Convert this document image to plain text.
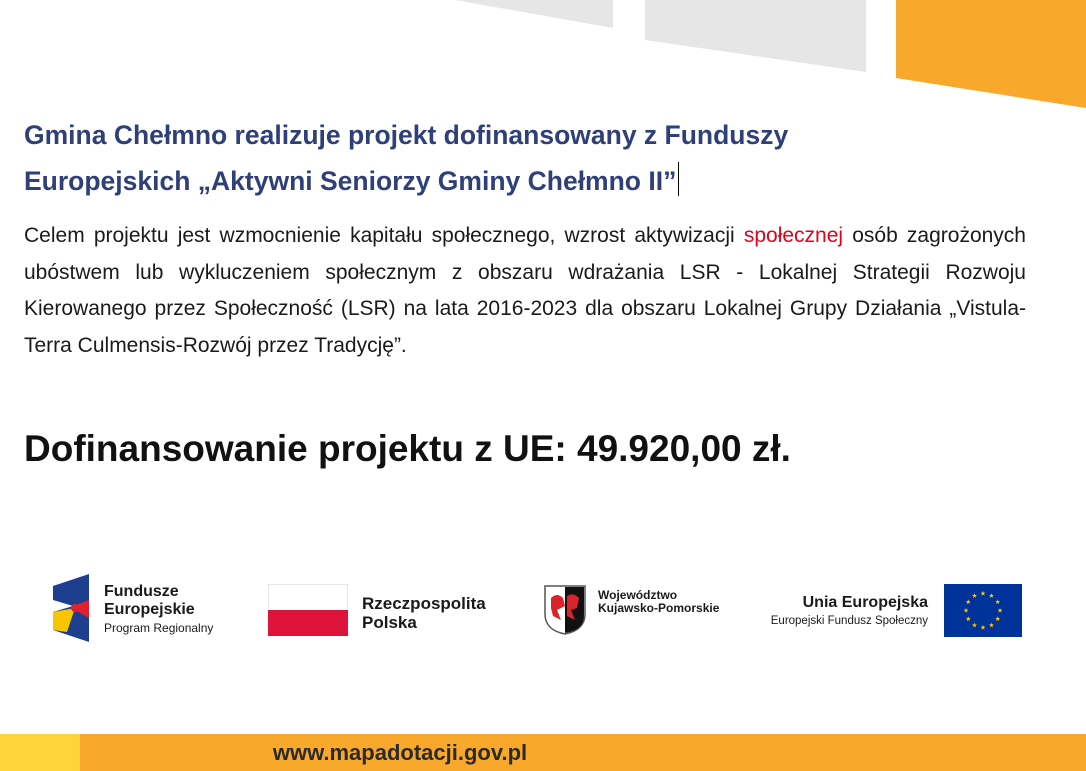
Gmina Chełmno realizuje projekt dofinansowany z Funduszy
Europejskich „Aktywni Seniorzy Gminy Chełmno II”

Celem projektu jest wzmocnienie kapitału społecznego, wzrost aktywizacji społecznej osób zagrożonych ubóstwem lub wykluczeniem społecznym z obszaru wdrażania LSR - Lokalnej Strategii Rozwoju Kierowanego przez Społeczność (LSR) na lata 2016-2023 dla obszaru Lokalnej Grupy Działania „Vistula-Terra Culmensis-Rozwój przez Tradycję”.

Dofinansowanie projektu z UE: 49.920,00 zł.

Fundusze
Europejskie
Program Regionalny
Rzeczpospolita
Polska
Województwo
Kujawsko-Pomorskie	Unia Europejska
Europejski Fundusz Społeczny
www.mapadotacji.gov.pl
